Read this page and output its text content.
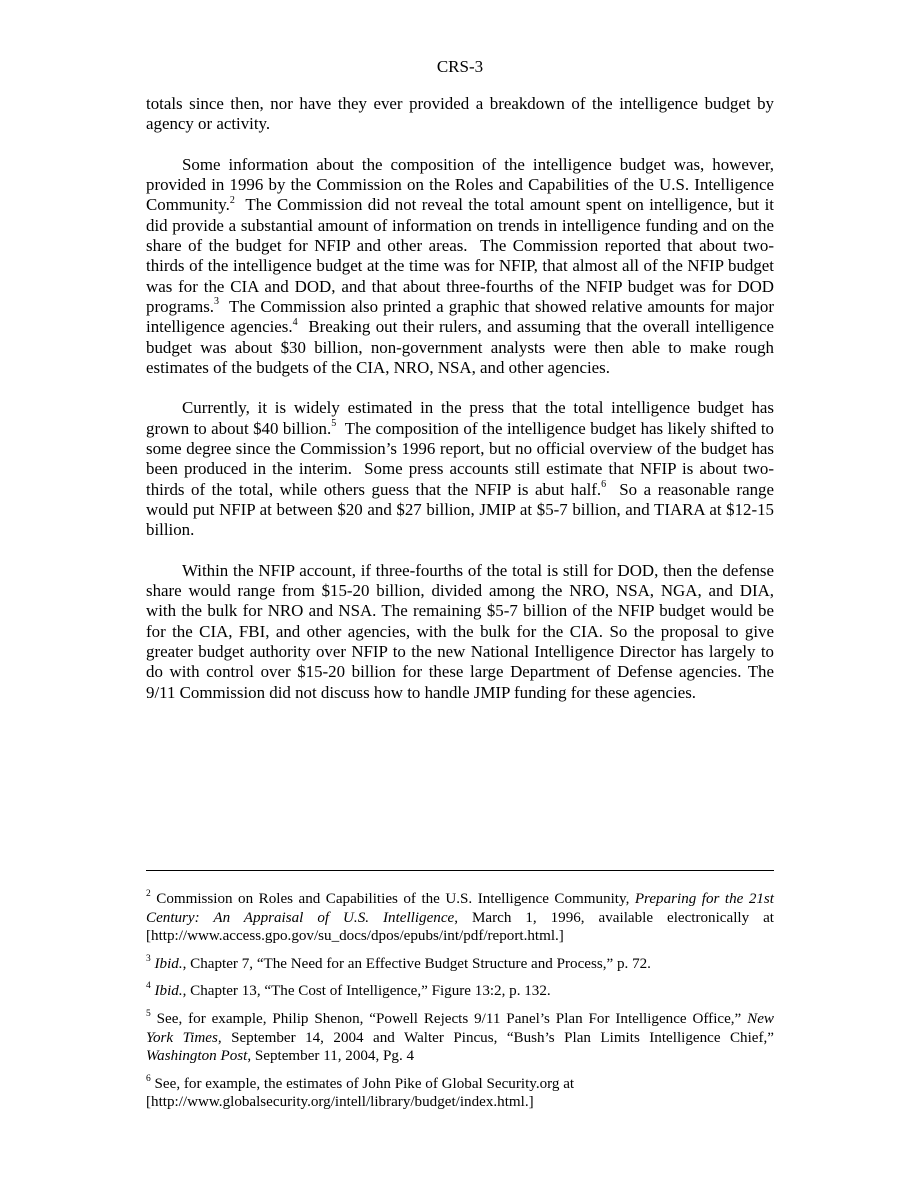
CRS-3

totals since then, nor have they ever provided a breakdown of the intelligence budget by agency or activity.

Some information about the composition of the intelligence budget was, however, provided in 1996 by the Commission on the Roles and Capabilities of the U.S. Intelligence Community.$^2$  The Commission did not reveal the total amount spent on intelligence, but it did provide a substantial amount of information on trends in intelligence funding and on the share of the budget for NFIP and other areas.  The Commission reported that about two-thirds of the intelligence budget at the time was for NFIP, that almost all of the NFIP budget was for the CIA and DOD, and that about three-fourths of the NFIP budget was for DOD programs.$^3$  The Commission also printed a graphic that showed relative amounts for major intelligence agencies.$^4$  Breaking out their rulers, and assuming that the overall intelligence budget was about $30 billion, non-government analysts were then able to make rough estimates of the budgets of the CIA, NRO, NSA, and other agencies.

Currently, it is widely estimated in the press that the total intelligence budget has grown to about $40 billion.$^5$  The composition of the intelligence budget has likely shifted to some degree since the Commission’s 1996 report, but no official overview of the budget has been produced in the interim.  Some press accounts still estimate that NFIP is about two-thirds of the total, while others guess that the NFIP is abut half.$^6$  So a reasonable range would put NFIP at between $20 and $27 billion, JMIP at $5-7 billion, and TIARA at $12-15 billion.

Within the NFIP account, if three-fourths of the total is still for DOD, then the defense share would range from $15-20 billion, divided among the NRO, NSA, NGA, and DIA, with the bulk for NRO and NSA. The remaining $5-7 billion of the NFIP budget would be for the CIA, FBI, and other agencies, with the bulk for the CIA. So the proposal to give greater budget authority over NFIP to the new National Intelligence Director has largely to do with control over $15-20 billion for these large Department of Defense agencies. The 9/11 Commission did not discuss how to handle JMIP funding for these agencies.

$^2$ Commission on Roles and Capabilities of the U.S. Intelligence Community, Preparing for the 21st Century: An Appraisal of U.S. Intelligence, March 1, 1996, available electronically at [http://www.access.gpo.gov/su_docs/dpos/epubs/int/pdf/report.html.]

$^3$ Ibid., Chapter 7, “The Need for an Effective Budget Structure and Process,” p. 72.

$^4$ Ibid., Chapter 13, “The Cost of Intelligence,” Figure 13:2, p. 132.

$^5$ See, for example, Philip Shenon, “Powell Rejects 9/11 Panel’s Plan For Intelligence Office,” New York Times, September 14, 2004 and Walter Pincus, “Bush’s Plan Limits Intelligence Chief,” Washington Post, September 11, 2004, Pg. 4

$^6$ See, for example, the estimates of John Pike of Global Security.org at
[http://www.globalsecurity.org/intell/library/budget/index.html.]
